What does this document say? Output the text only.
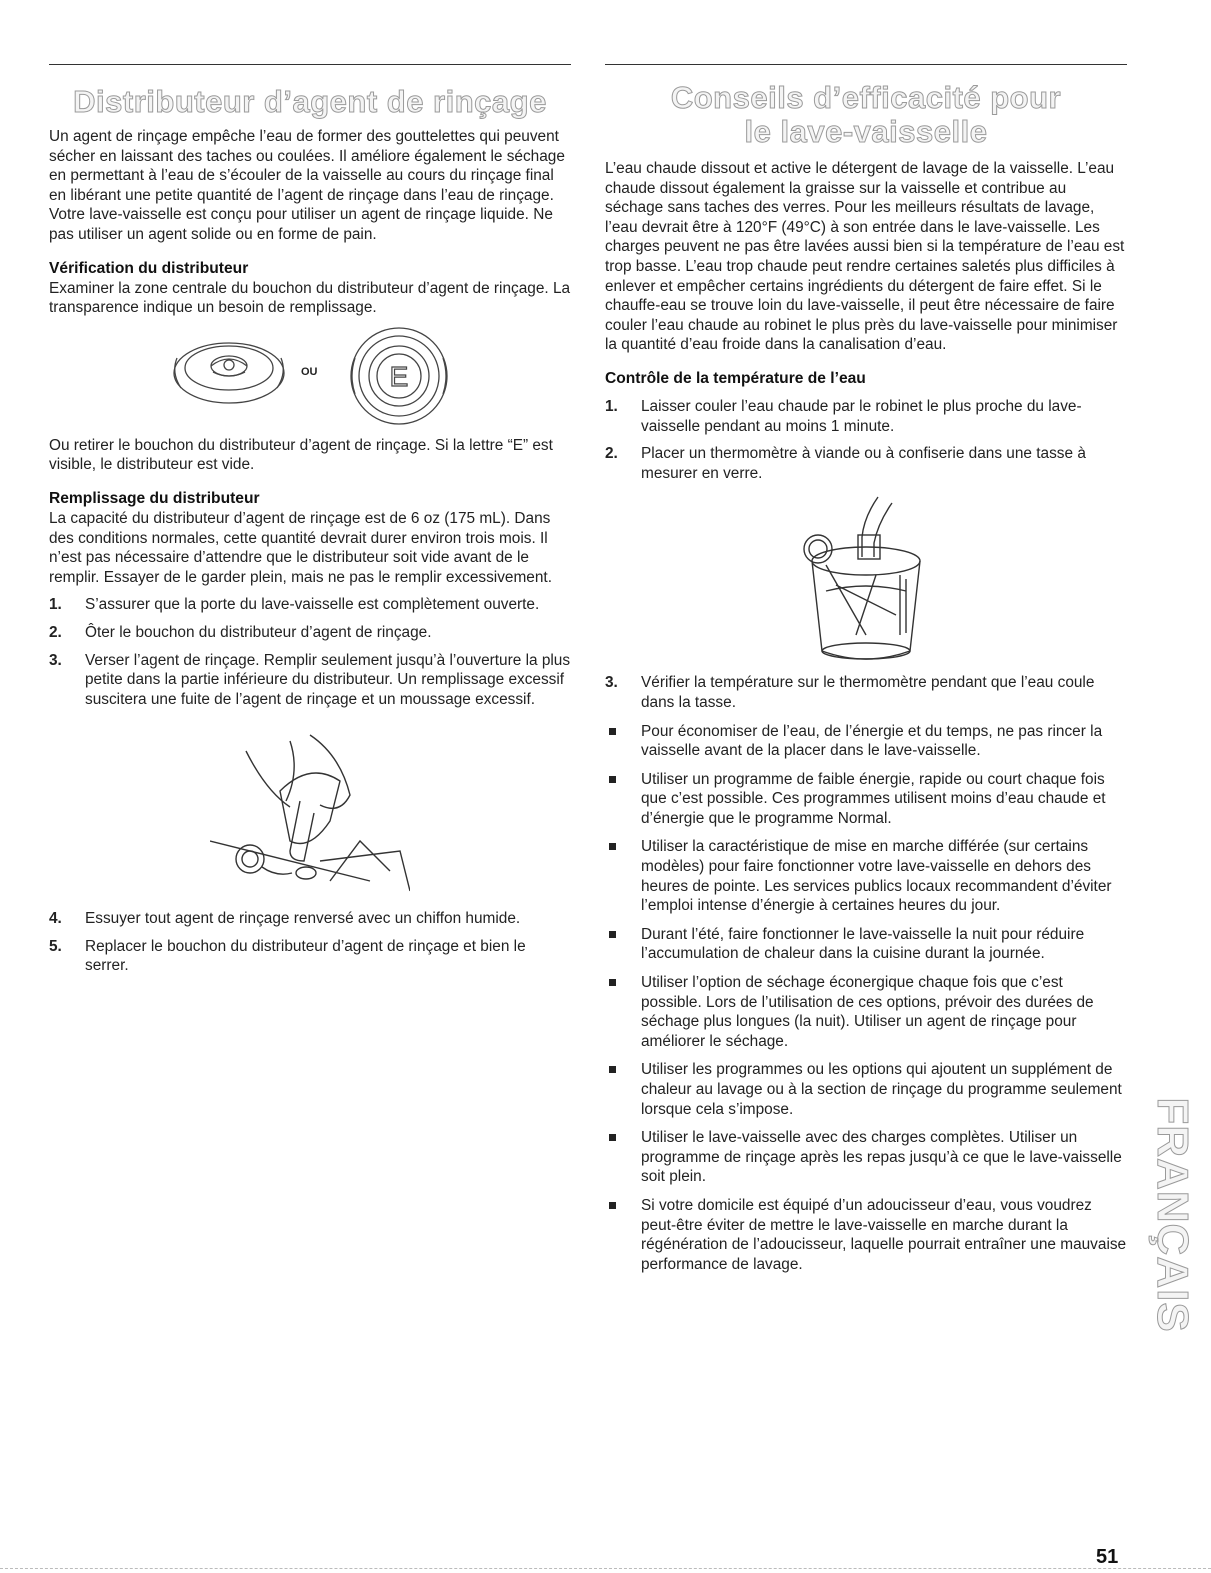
Distributeur d’agent de rinçage

Un agent de rinçage empêche l’eau de former des gouttelettes qui peuvent sécher en laissant des taches ou coulées. Il améliore également le séchage en permettant à l’eau de s’écouler de la vaisselle au cours du rinçage final en libérant une petite quantité de l’agent de rinçage dans l’eau de rinçage. Votre lave-vaisselle est conçu pour utiliser un agent de rinçage liquide. Ne pas utiliser un agent solide ou en forme de pain.

Vérification du distributeur

Examiner la zone centrale du bouchon du distributeur d’agent de rinçage. La transparence indique un besoin de remplissage.

E
OU

Ou retirer le bouchon du distributeur d’agent de rinçage. Si la lettre “E” est visible, le distributeur est vide.

Remplissage du distributeur

La capacité du distributeur d’agent de rinçage est de 6 oz (175 mL). Dans des conditions normales, cette quantité devrait durer environ trois mois. Il n’est pas nécessaire d’attendre que le distributeur soit vide avant de le remplir. Essayer de le garder plein, mais ne pas le remplir excessivement.

1. S’assurer que la porte du lave-vaisselle est complètement ouverte.
2. Ôter le bouchon du distributeur d’agent de rinçage.
3. Verser l’agent de rinçage. Remplir seulement jusqu’à l’ouverture la plus petite dans la partie inférieure du distributeur. Un remplissage excessif suscitera une fuite de l’agent de rinçage et un moussage excessif.
4. Essuyer tout agent de rinçage renversé avec un chiffon humide.
5. Replacer le bouchon du distributeur d’agent de rinçage et bien le serrer.
Conseils d’efficacité pour
le lave-vaisselle

L’eau chaude dissout et active le détergent de lavage de la vaisselle. L’eau chaude dissout également la graisse sur la vaisselle et contribue au séchage sans taches des verres. Pour les meilleurs résultats de lavage, l’eau devrait être à 120°F (49°C) à son entrée dans le lave-vaisselle. Les charges peuvent ne pas être lavées aussi bien si la température de l’eau est trop basse. L’eau trop chaude peut rendre certaines saletés plus difficiles à enlever et empêcher certains ingrédients du détergent de faire effet. Si le chauffe-eau se trouve loin du lave-vaisselle, il peut être nécessaire de faire couler l’eau chaude au robinet le plus près du lave-vaisselle pour minimiser la quantité d’eau froide dans la canalisation d’eau.

Contrôle de la température de l’eau
1. Laisser couler l’eau chaude par le robinet le plus proche du lave-vaisselle pendant au moins 1 minute.
2. Placer un thermomètre à viande ou à confiserie dans une tasse à mesurer en verre.
3. Vérifier la température sur le thermomètre pendant que l’eau coule dans la tasse.
Pour économiser de l’eau, de l’énergie et du temps, ne pas rincer la vaisselle avant de la placer dans le lave-vaisselle.
Utiliser un programme de faible énergie, rapide ou court chaque fois que c’est possible. Ces programmes utilisent moins d’eau chaude et d’énergie que le programme Normal.
Utiliser la caractéristique de mise en marche différée (sur certains modèles) pour faire fonctionner votre lave-vaisselle en dehors des heures de pointe. Les services publics locaux recommandent d’éviter l’emploi intense d’énergie à certaines heures du jour.
Durant l’été, faire fonctionner le lave-vaisselle la nuit pour réduire l’accumulation de chaleur dans la cuisine durant la journée.
Utiliser l’option de séchage éconergique chaque fois que c’est possible. Lors de l’utilisation de ces options, prévoir des durées de séchage plus longues (la nuit). Utiliser un agent de rinçage pour améliorer le séchage.
Utiliser les programmes ou les options qui ajoutent un supplément de chaleur au lavage ou à la section de rinçage du programme seulement lorsque cela s’impose.
Utiliser le lave-vaisselle avec des charges complètes. Utiliser un programme de rinçage après les repas jusqu’à ce que le lave-vaisselle soit plein.
Si votre domicile est équipé d’un adoucisseur d’eau, vous voudrez peut-être éviter de mettre le lave-vaisselle en marche durant la régénération de l’adoucisseur, laquelle pourrait entraîner une mauvaise performance de lavage.	FRANÇAIS
51
